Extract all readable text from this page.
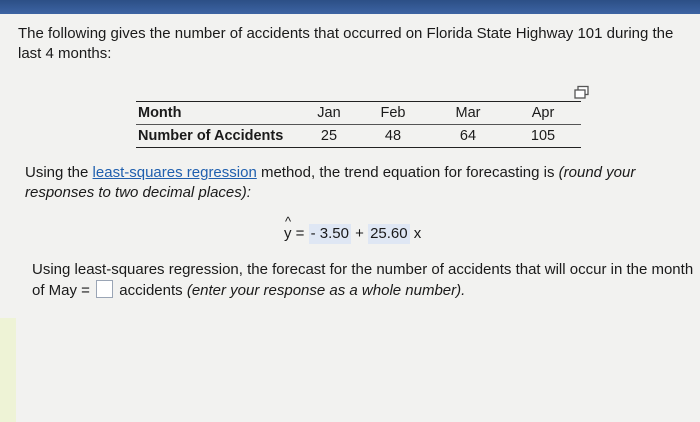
The following gives the number of accidents that occurred on Florida State Highway 101 during the last 4 months:
Month	Jan	Feb	Mar	Apr
Number of Accidents	25	48	64	105
Using the least-squares regression method, the trend equation for forecasting is (round your responses to two decimal places):
^
y = - 3.50 + 25.60 x
Using least-squares regression, the forecast for the number of accidents that will occur in the month of May =  accidents (enter your response as a whole number).
